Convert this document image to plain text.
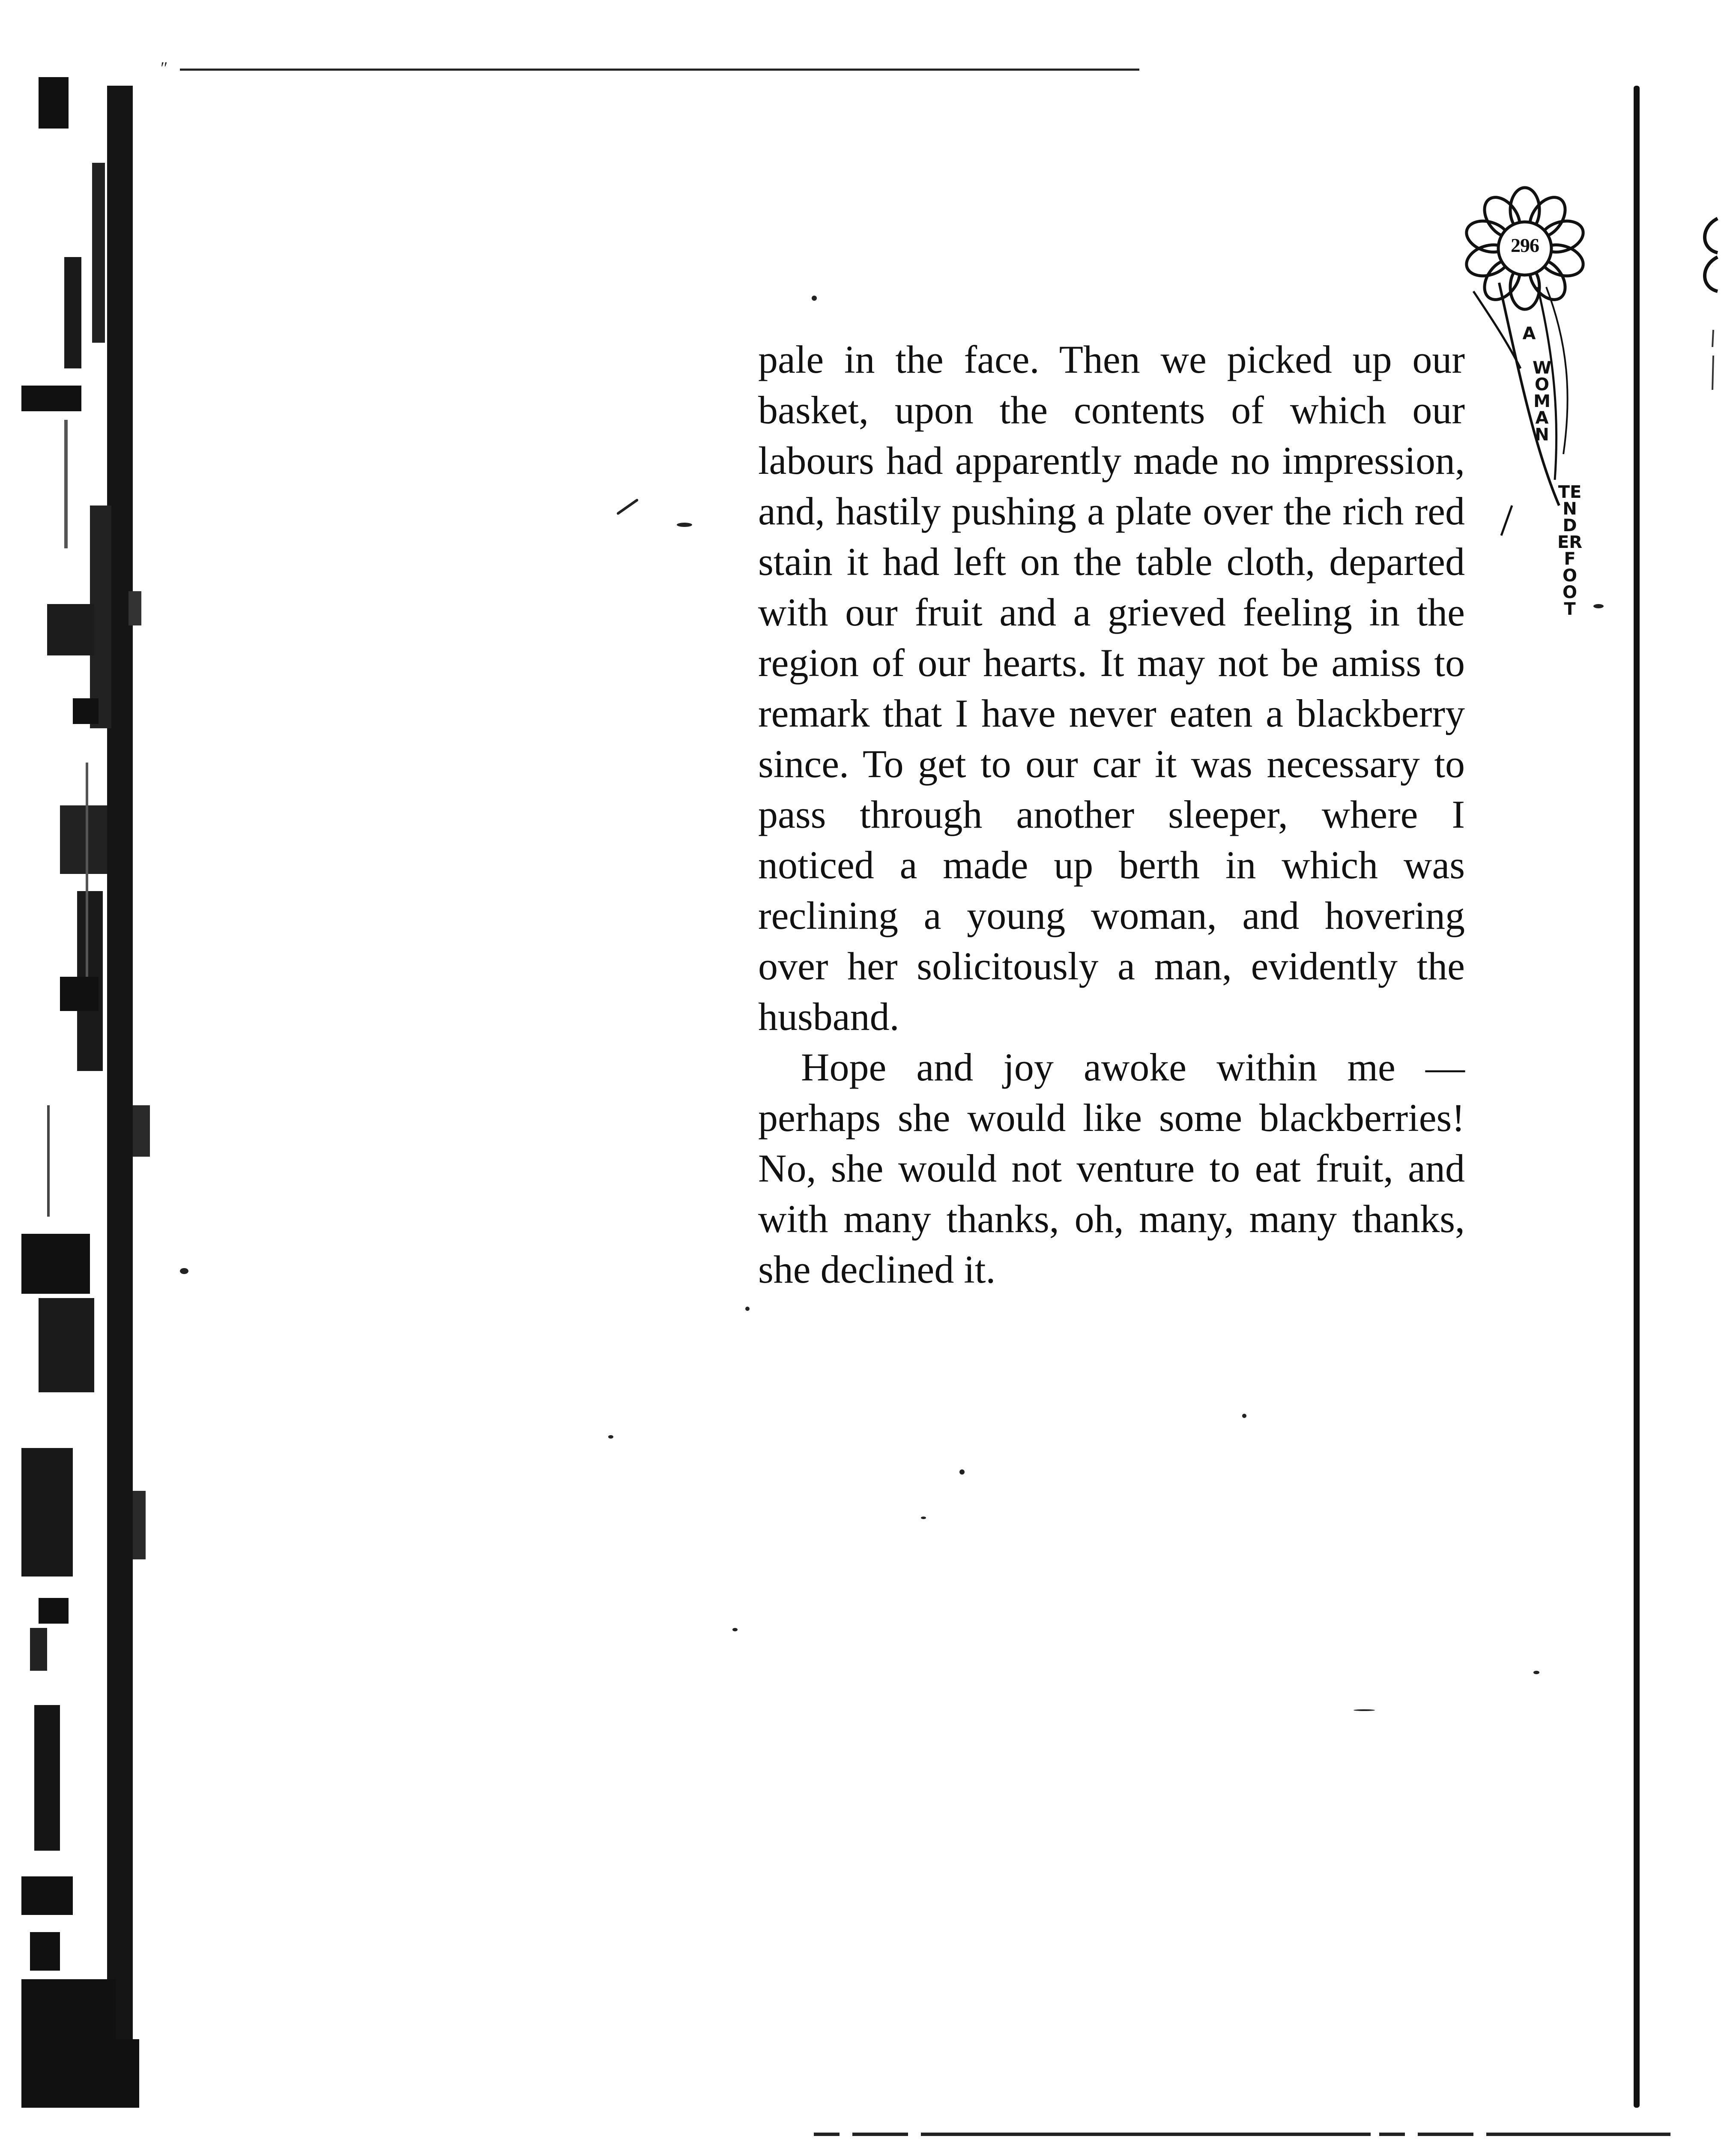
″
296
A
WOMAN
TENDERFOOT

pale in the face. Then we picked up our basket, upon the contents of which our labours had apparently made no impression, and, hastily pushing a plate over the rich red stain it had left on the table cloth, departed with our fruit and a grieved feeling in the region of our hearts. It may not be amiss to remark that I have never eaten a blackberry since. To get to our car it was necessary to pass through another sleeper, where I noticed a made up berth in which was reclining a young woman, and hovering over her solicitously a man, evidently the husband.

Hope and joy awoke within me — perhaps she would like some blackberries! No, she would not venture to eat fruit, and with many thanks, oh, many, many thanks, she declined it.
